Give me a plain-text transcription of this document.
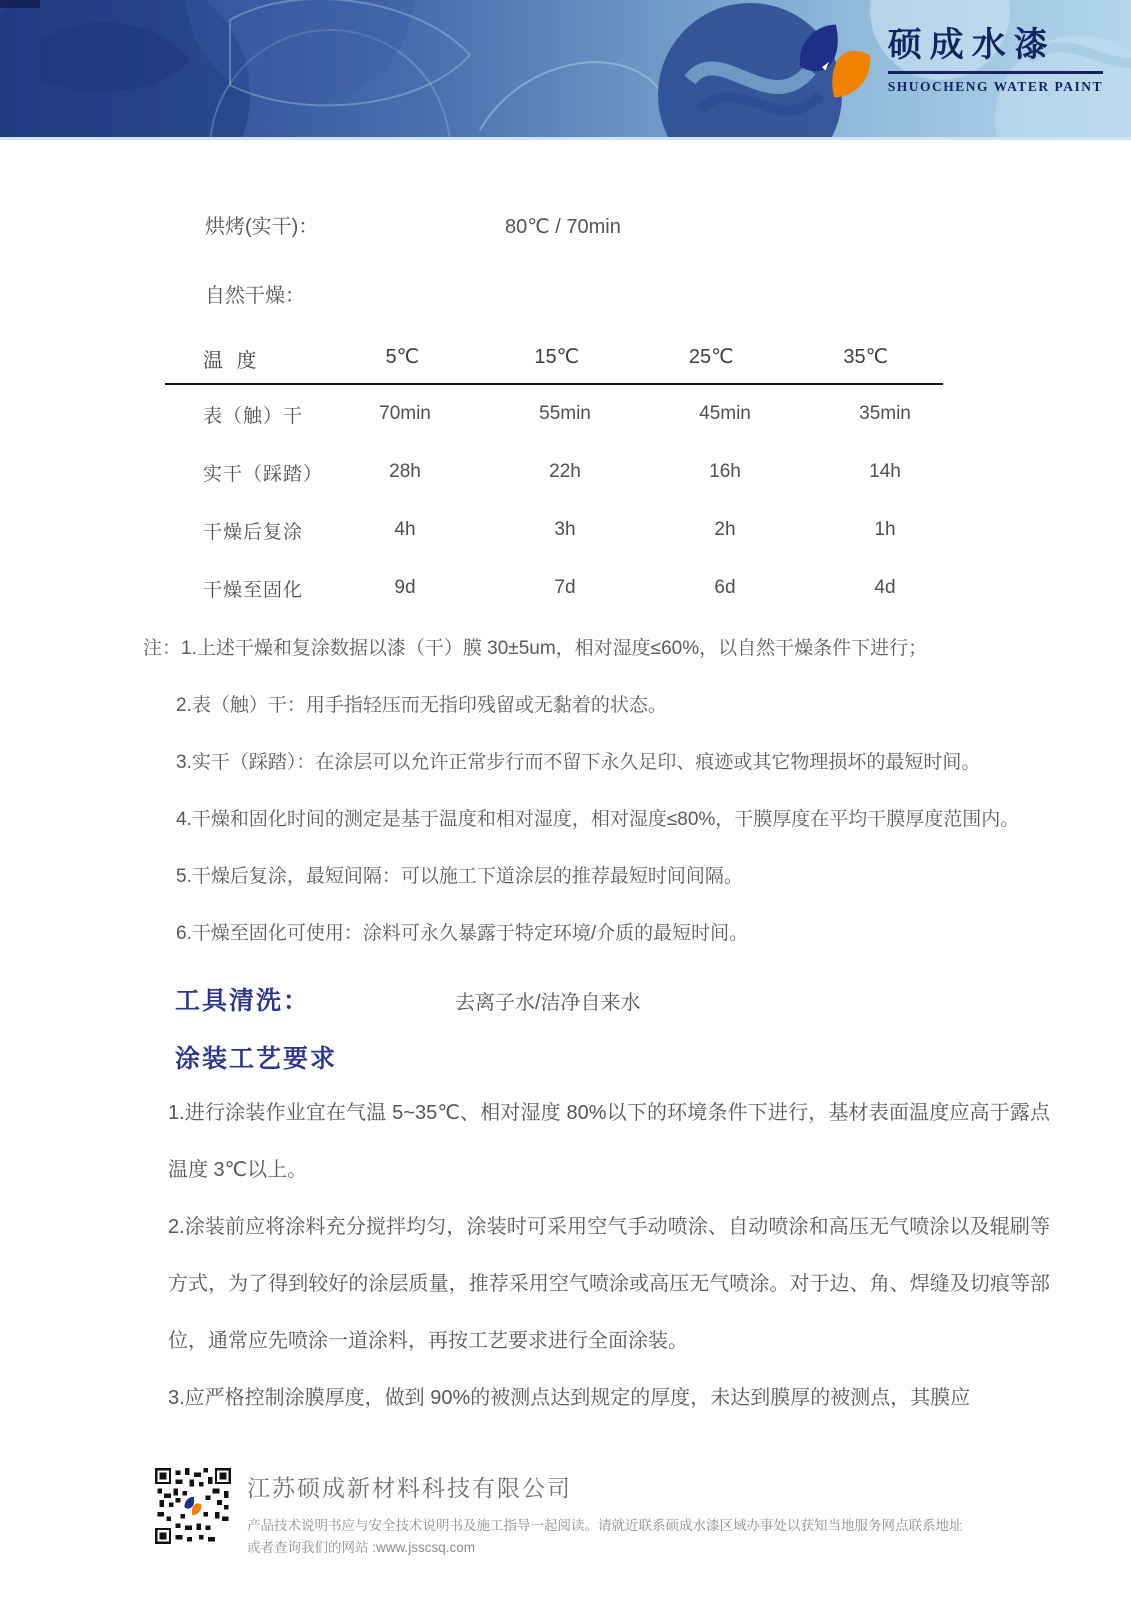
硕成水漆
SHUOCHENG WATER PAINT
烘烤(实干)：	80℃ / 70min
自然干燥：
温 度	5℃	15℃	25℃	35℃
表（触）干	70min	55min	45min	35min
实干（踩踏）	28h	22h	16h	14h
干燥后复涂	4h	3h	2h	1h
干燥至固化	9d	7d	6d	4d
注：1.上述干燥和复涂数据以漆（干）膜 30±5um，相对湿度≤60%，以自然干燥条件下进行；
2.表（触）干：用手指轻压而无指印残留或无黏着的状态。
3.实干（踩踏）：在涂层可以允许正常步行而不留下永久足印、痕迹或其它物理损坏的最短时间。
4.干燥和固化时间的测定是基于温度和相对湿度，相对湿度≤80%，干膜厚度在平均干膜厚度范围内。
5.干燥后复涂，最短间隔：可以施工下道涂层的推荐最短时间间隔。
6.干燥至固化可使用：涂料可永久暴露于特定环境/介质的最短时间。
工具清洗：	去离子水/洁净自来水
涂装工艺要求

1.进行涂装作业宜在气温 5~35℃、相对湿度 80%以下的环境条件下进行，基材表面温度应高于露点温度 3℃以上。

2.涂装前应将涂料充分搅拌均匀，涂装时可采用空气手动喷涂、自动喷涂和高压无气喷涂以及辊刷等方式，为了得到较好的涂层质量，推荐采用空气喷涂或高压无气喷涂。对于边、角、焊缝及切痕等部位，通常应先喷涂一道涂料，再按工艺要求进行全面涂装。

3.应严格控制涂膜厚度，做到 90%的被测点达到规定的厚度，未达到膜厚的被测点，其膜应

江苏硕成新材料科技有限公司
产品技术说明书应与安全技术说明书及施工指导一起阅读。请就近联系硕成水漆区域办事处以获知当地服务网点联系地址
或者查询我们的网站 :www.jsscsq.com
